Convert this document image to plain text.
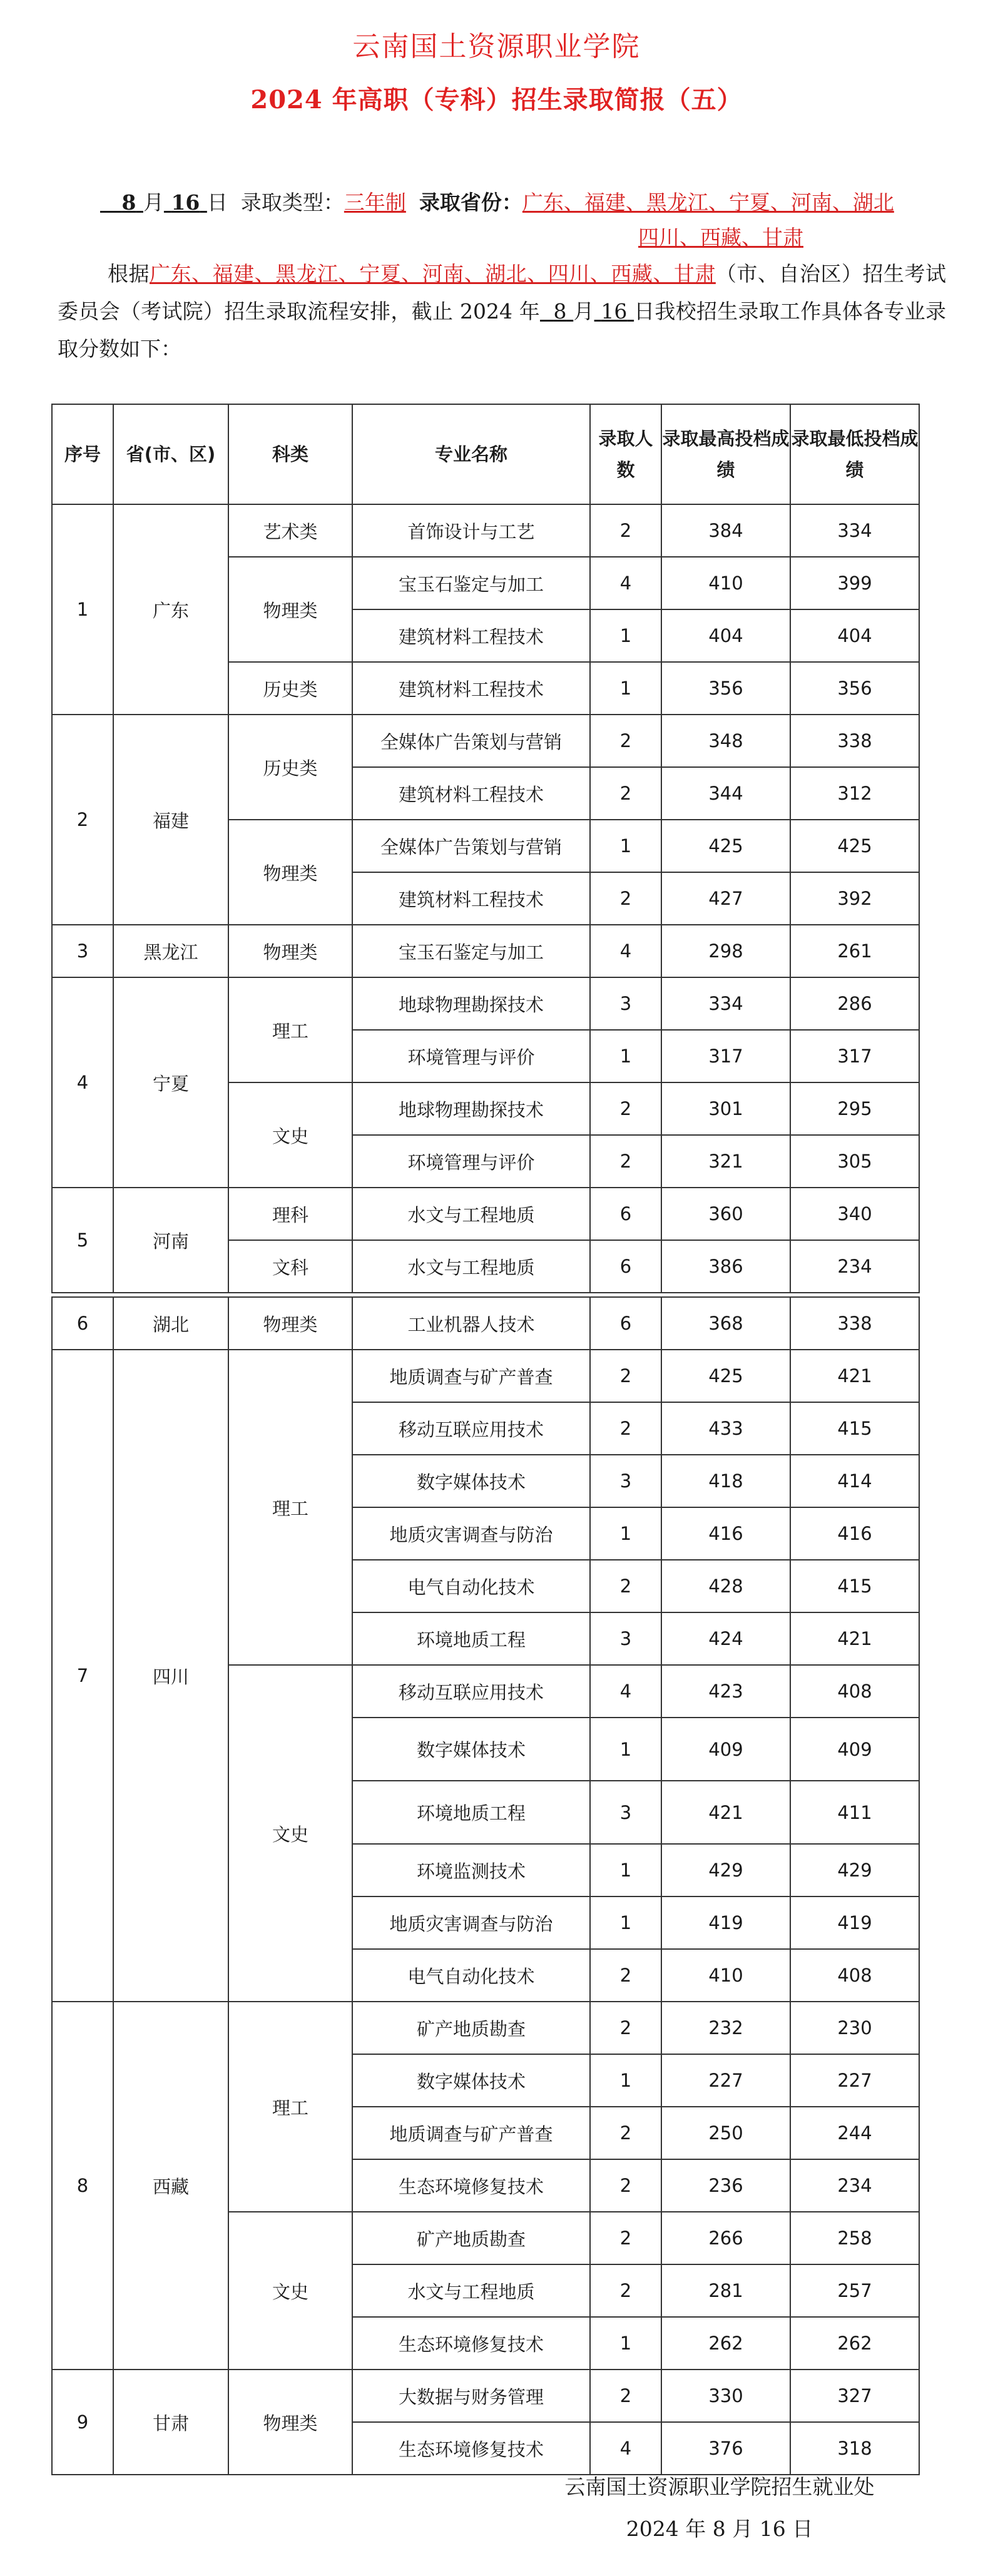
云南国土资源职业学院
2024 年高职（专科）招生录取简报（五）
8 月 16 日 录取类型：三年制 录取省份：广东、福建、黑龙江、宁夏、河南、湖北
四川、西藏、甘肃
根据广东、福建、黑龙江、宁夏、河南、湖北、四川、西藏、甘肃（市、自治区）招生考试委员会（考试院）招生录取流程安排，截止 2024 年 8 月 16 日我校招生录取工作具体各专业录取分数如下：
序号	省(市、区)	科类	专业名称	录取人数	录取最高投档成绩	录取最低投档成绩
1	广东	艺术类	首饰设计与工艺	2	384	334
		物理类	宝玉石鉴定与加工	4	410	399
			建筑材料工程技术	1	404	404
		历史类	建筑材料工程技术	1	356	356
2	福建	历史类	全媒体广告策划与营销	2	348	338
			建筑材料工程技术	2	344	312
		物理类	全媒体广告策划与营销	1	425	425
			建筑材料工程技术	2	427	392
3	黑龙江	物理类	宝玉石鉴定与加工	4	298	261
4	宁夏	理工	地球物理勘探技术	3	334	286
			环境管理与评价	1	317	317
		文史	地球物理勘探技术	2	301	295
			环境管理与评价	2	321	305
5	河南	理科	水文与工程地质	6	360	340
		文科	水文与工程地质	6	386	234
6	湖北	物理类	工业机器人技术	6	368	338
7	四川	理工	地质调查与矿产普查	2	425	421
			移动互联应用技术	2	433	415
			数字媒体技术	3	418	414
			地质灾害调查与防治	1	416	416
			电气自动化技术	2	428	415
			环境地质工程	3	424	421
		文史	移动互联应用技术	4	423	408
			数字媒体技术	1	409	409
			环境地质工程	3	421	411
			环境监测技术	1	429	429
			地质灾害调查与防治	1	419	419
			电气自动化技术	2	410	408
8	西藏	理工	矿产地质勘查	2	232	230
			数字媒体技术	1	227	227
			地质调查与矿产普查	2	250	244
			生态环境修复技术	2	236	234
		文史	矿产地质勘查	2	266	258
			水文与工程地质	2	281	257
			生态环境修复技术	1	262	262
9	甘肃	物理类	大数据与财务管理	2	330	327
			生态环境修复技术	4	376	318
云南国土资源职业学院招生就业处
2024 年 8 月 16 日
